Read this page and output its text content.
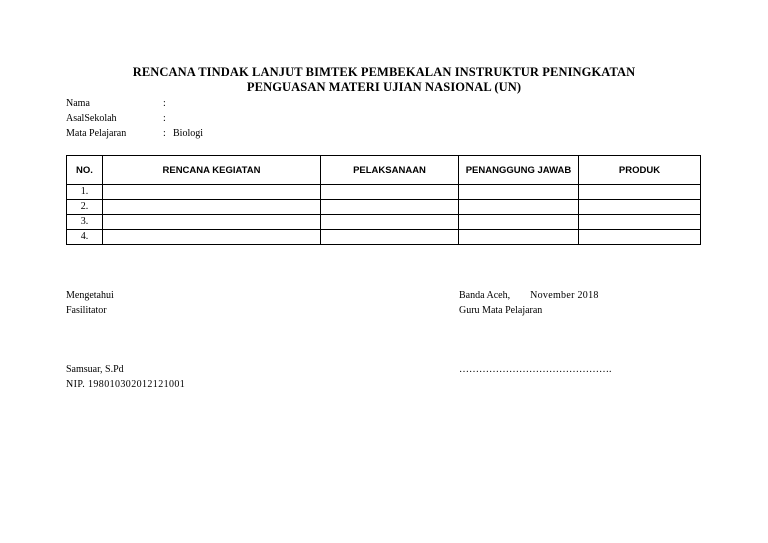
RENCANA TINDAK LANJUT BIMTEK PEMBEKALAN INSTRUKTUR PENINGKATAN
PENGUASAN MATERI UJIAN NASIONAL (UN)
Nama	:
AsalSekolah	:
Mata Pelajaran	: Biologi
NO.	RENCANA KEGIATAN	PELAKSANAAN	PENANGGUNG JAWAB	PRODUK
1.				
2.				
3.				
4.				
Mengetahui
Fasilitator
Samsuar, S.Pd
NIP. 198010302012121001
Banda Aceh, November 2018
Guru Mata Pelajaran
……………………………………….
